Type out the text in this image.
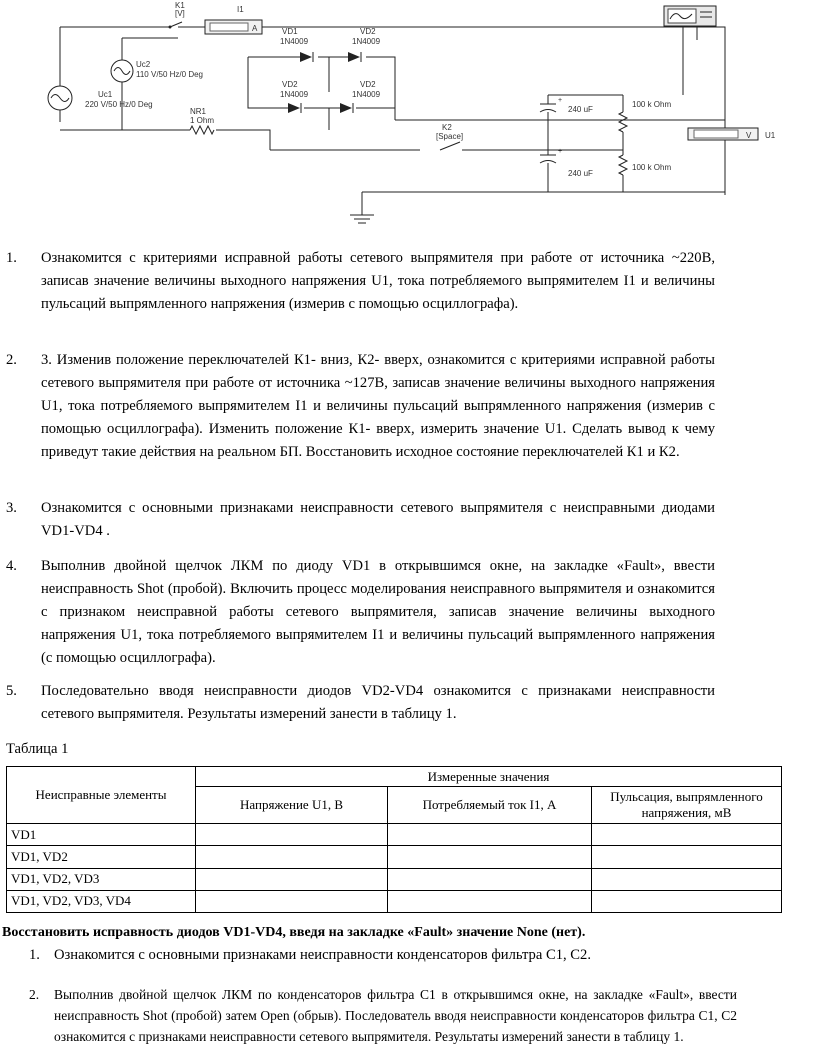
K1
[V]
A
I1
VD1
1N4009
VD2
1N4009
VD2
1N4009
VD2
1N4009
Uc2
110 V/50 Hz/0 Deg
Uc1
220 V/50 Hz/0 Deg
NR1
1 Ohm
K2
[Space]
+
240 uF
+
240 uF
100 k Ohm
100 k Ohm
V U1
1. Ознакомится с критериями исправной работы сетевого выпрямителя при работе от источника ~220В, записав значение величины выходного напряжения U1, тока потребляемого выпрямителем I1 и величины пульсаций выпрямленного напряжения (измерив с помощью осциллографа).
2. 3. Изменив положение переключателей К1- вниз, К2- вверх, ознакомится с критериями исправной работы сетевого выпрямителя при работе от источника ~127В, записав значение величины выходного напряжения U1, тока потребляемого выпрямителем I1 и величины пульсаций выпрямленного напряжения (измерив с помощью осциллографа). Изменить положение К1- вверх, измерить значение U1. Сделать вывод к чему приведут такие действия на реальном БП. Восстановить исходное состояние переключателей К1 и К2.
3. Ознакомится с основными признаками неисправности сетевого выпрямителя с неисправными диодами VD1-VD4 .
4. Выполнив двойной щелчок ЛКМ по диоду VD1 в открывшимся окне, на закладке «Fault», ввести неисправность Shot (пробой). Включить процесс моделирования неисправного выпрямителя и ознакомится с признаком неисправной работы сетевого выпрямителя, записав значение величины выходного напряжения U1, тока потребляемого выпрямителем I1 и величины пульсаций выпрямленного напряжения (с помощью осциллографа).
5. Последовательно вводя неисправности диодов VD2-VD4 ознакомится с признаками неисправности сетевого выпрямителя. Результаты измерений занести в таблицу 1.
Таблица 1
Неисправные элементы	Измеренные значения		
	Напряжение U1, В	Потребляемый ток I1, А	Пульсация, выпрямленного напряжения, мВ
VD1			
VD1, VD2			
VD1, VD2, VD3			
VD1, VD2, VD3, VD4			
Восстановить исправность диодов VD1-VD4, введя на закладке «Fault» значение None (нет).
1. Ознакомится с основными признаками неисправности конденсаторов фильтра С1, С2.
2. Выполнив двойной щелчок ЛКМ по конденсаторов фильтра С1 в открывшимся окне, на закладке «Fault», ввести неисправность Shot (пробой) затем Open (обрыв). Последователь вводя неисправности конденсаторов фильтра С1, С2 ознакомится с признаками неисправности сетевого выпрямителя. Результаты измерений занести в таблицу 1.
